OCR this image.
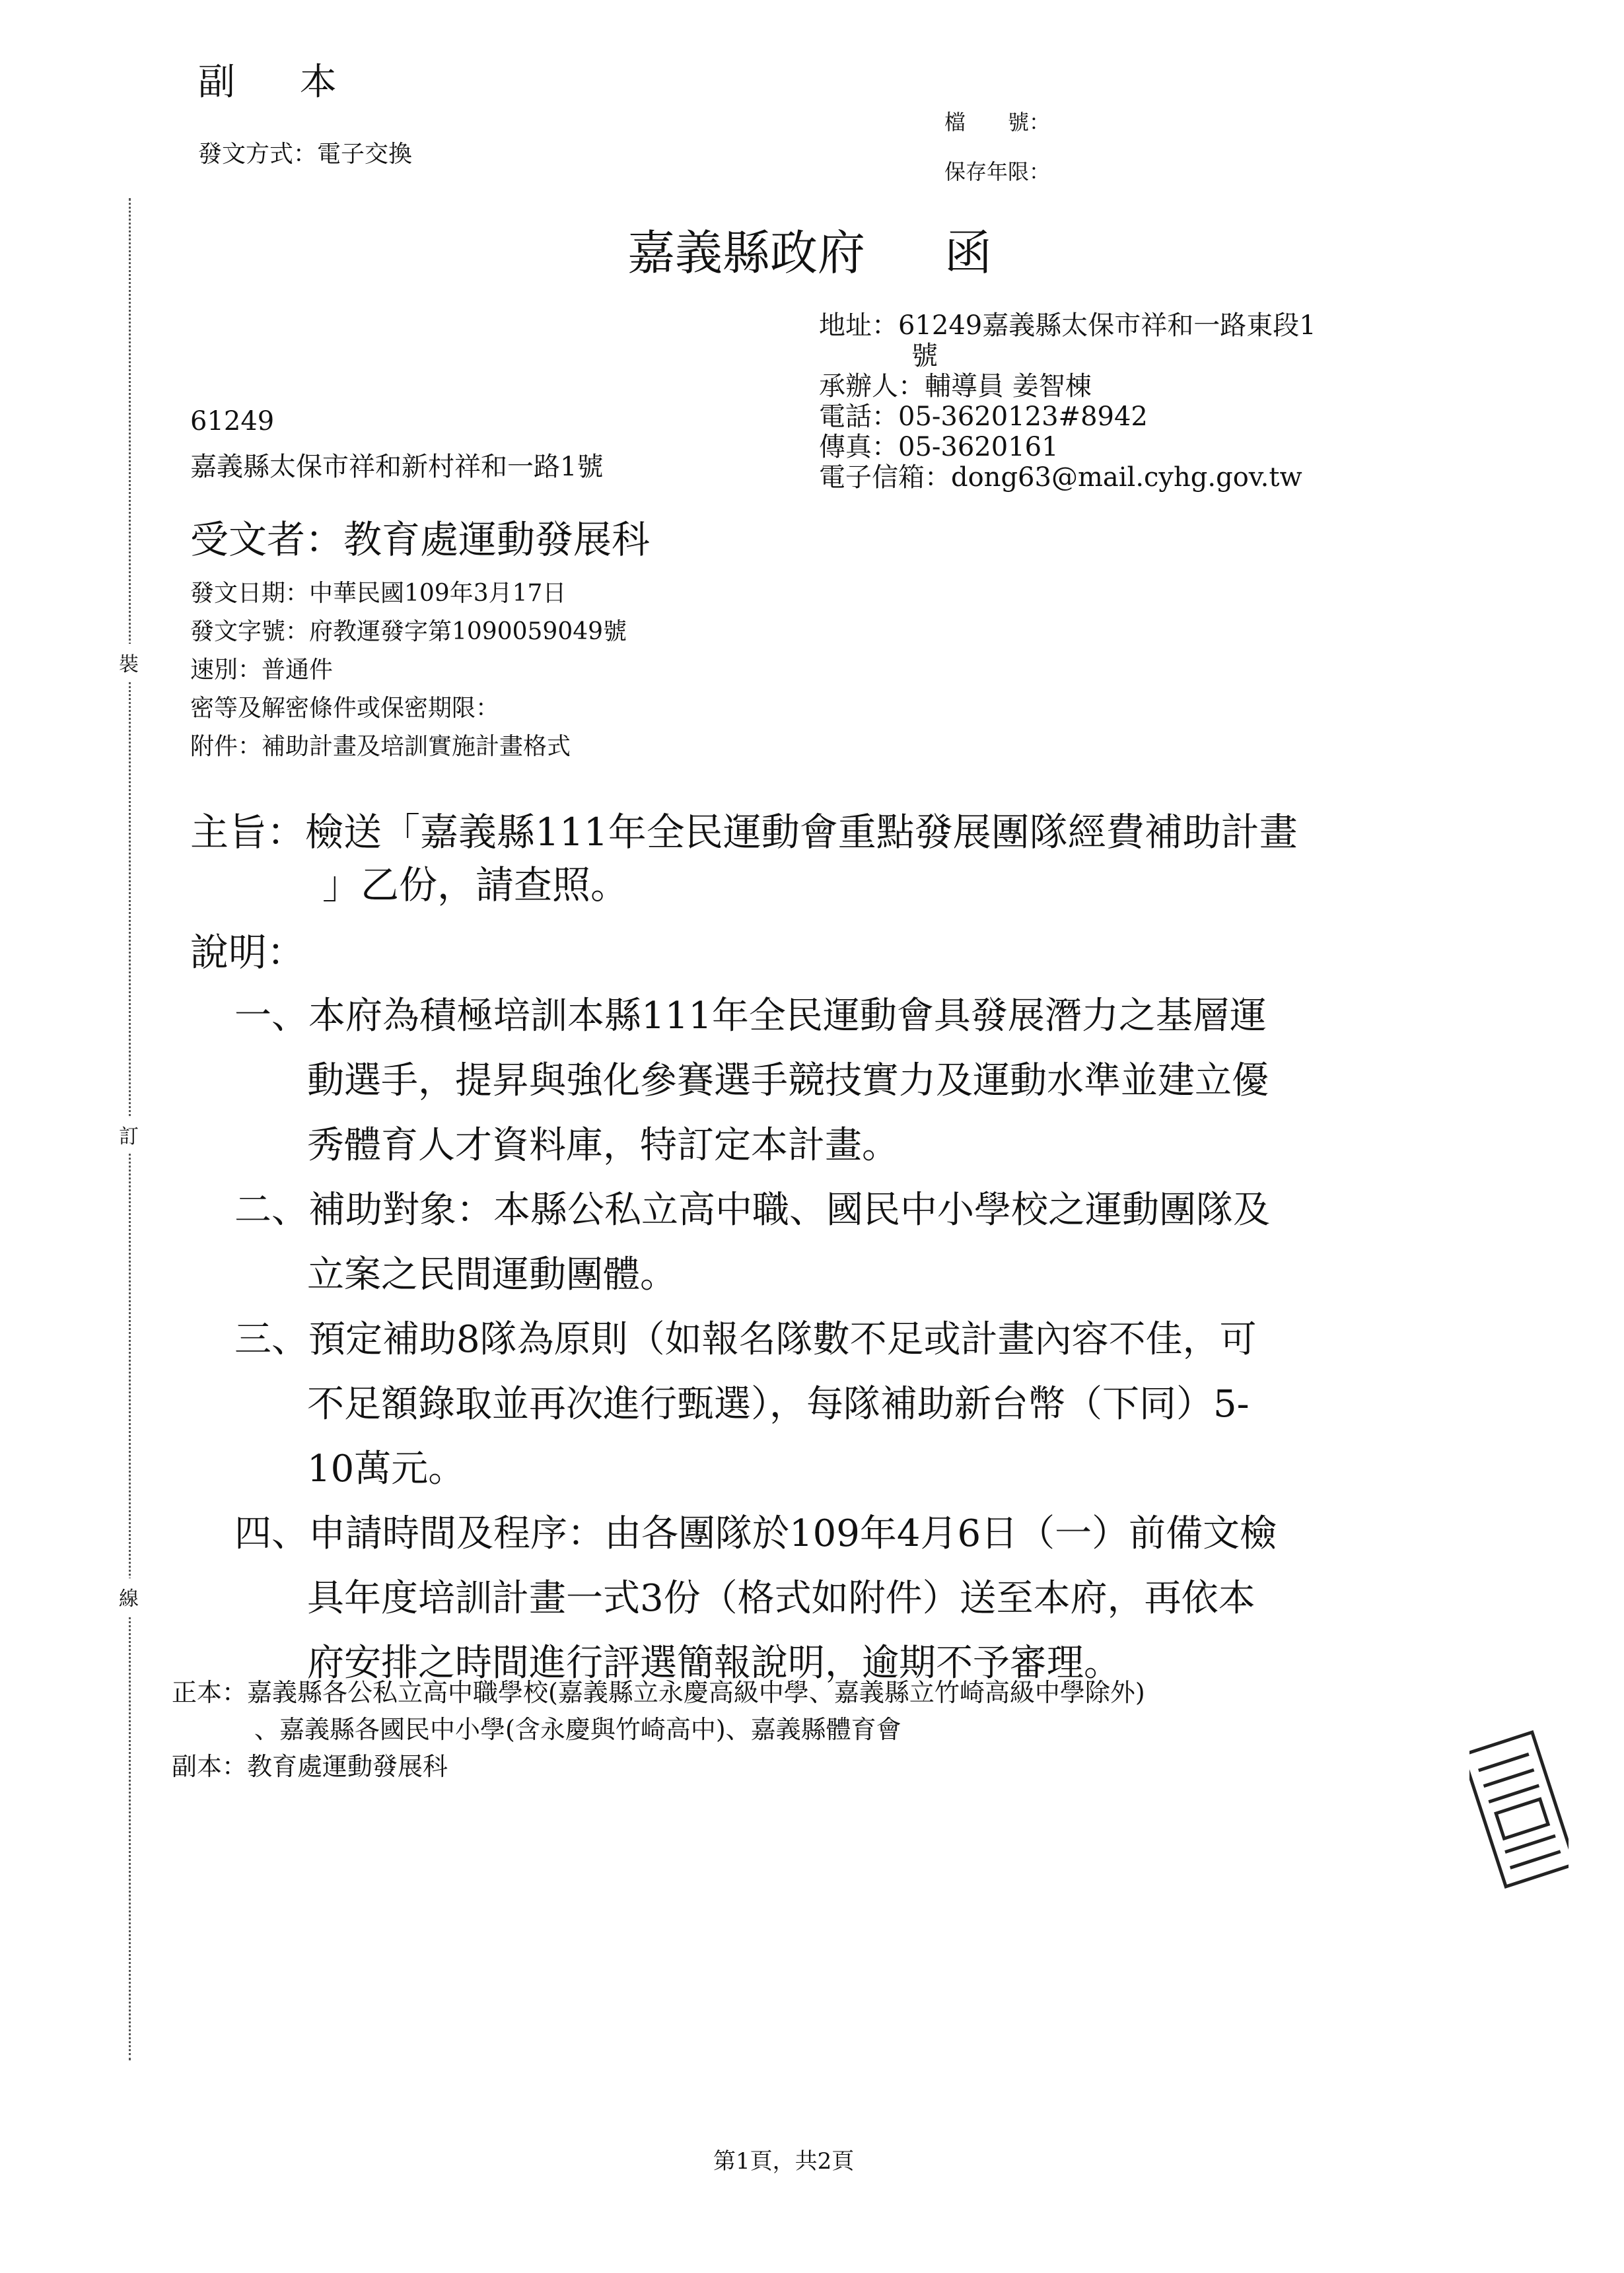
副 本
發文方式：電子交換
檔　　號：
保存年限：
嘉義縣政府 函
地址：61249嘉義縣太保市祥和一路東段1
號
承辦人：輔導員 姜智棟
電話：05-3620123#8942
傳真：05-3620161
電子信箱：dong63@mail.cyhg.gov.tw
61249
嘉義縣太保市祥和新村祥和一路1號
受文者：教育處運動發展科
發文日期：中華民國109年3月17日
發文字號：府教運發字第1090059049號
速別：普通件
密等及解密條件或保密期限：
附件：補助計畫及培訓實施計畫格式
主旨：檢送「嘉義縣111年全民運動會重點發展團隊經費補助計畫
」乙份，請查照。
說明：
一、本府為積極培訓本縣111年全民運動會具發展潛力之基層運
動選手，提昇與強化參賽選手競技實力及運動水準並建立優
秀體育人才資料庫，特訂定本計畫。
二、補助對象：本縣公私立高中職、國民中小學校之運動團隊及
立案之民間運動團體。
三、預定補助8隊為原則（如報名隊數不足或計畫內容不佳，可
不足額錄取並再次進行甄選），每隊補助新台幣（下同）5-
10萬元。
四、申請時間及程序：由各團隊於109年4月6日（一）前備文檢
具年度培訓計畫一式3份（格式如附件）送至本府，再依本
府安排之時間進行評選簡報說明，逾期不予審理。
正本：嘉義縣各公私立高中職學校(嘉義縣立永慶高級中學、嘉義縣立竹崎高級中學除外)
、嘉義縣各國民中小學(含永慶與竹崎高中)、嘉義縣體育會
副本：教育處運動發展科
裝
訂
線
第1頁，共2頁
